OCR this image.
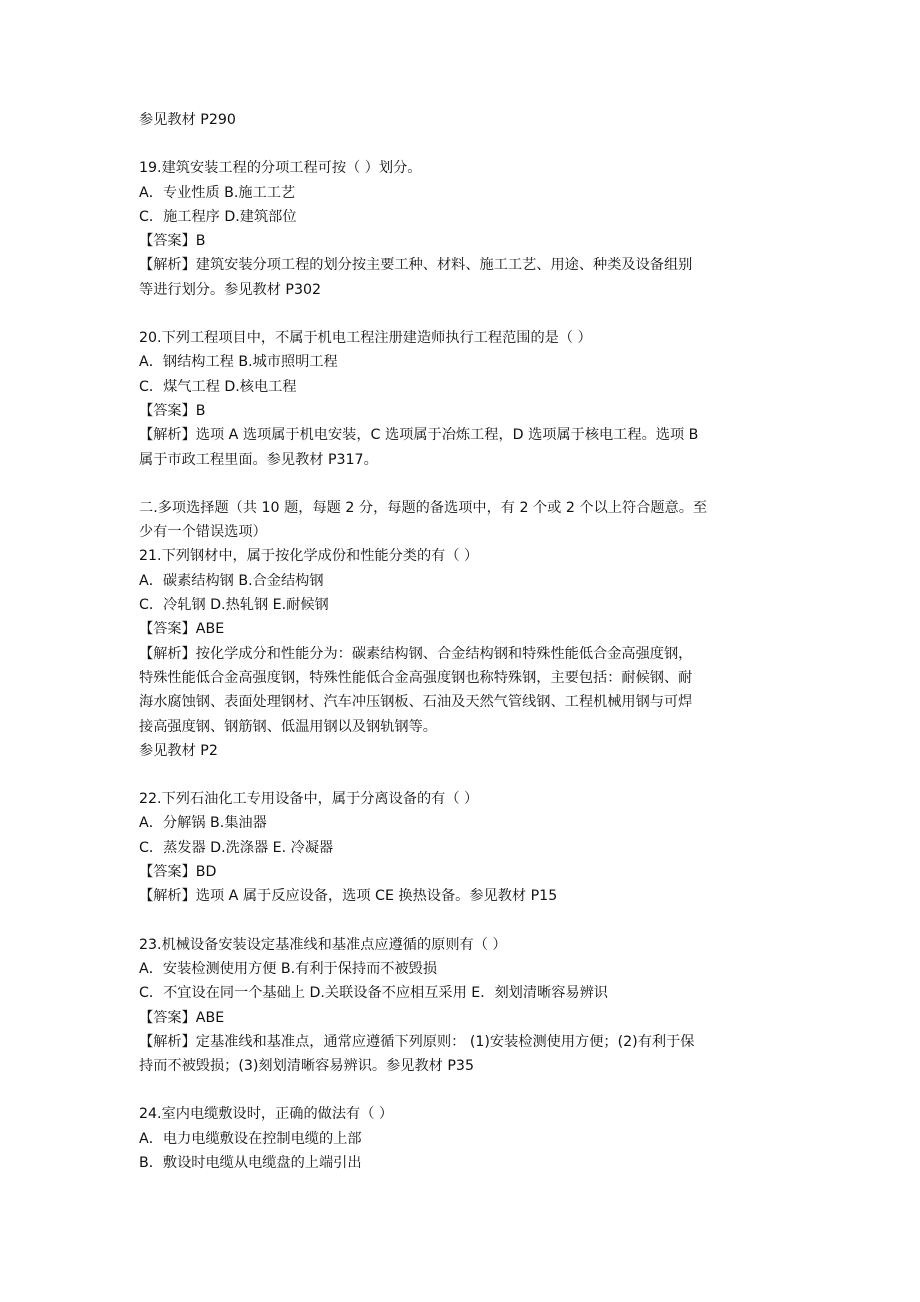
参见教材 P290
19.建筑安装工程的分项工程可按（ ）划分。
A．专业性质 B.施工工艺
C．施工程序 D.建筑部位
【答案】B
【解析】建筑安装分项工程的划分按主要工种、材料、施工工艺、用途、种类及设备组别
等进行划分。参见教材 P302
20.下列工程项目中，不属于机电工程注册建造师执行工程范围的是（ ）
A．钢结构工程 B.城市照明工程
C．煤气工程 D.核电工程
【答案】B
【解析】选项 A 选项属于机电安装，C 选项属于冶炼工程，D 选项属于核电工程。选项 B
属于市政工程里面。参见教材 P317。
二.多项选择题（共 10 题，每题 2 分，每题的备选项中，有 2 个或 2 个以上符合题意。至
少有一个错误选项）
21.下列钢材中，属于按化学成份和性能分类的有（ ）
A．碳素结构钢 B.合金结构钢
C．冷轧钢 D.热轧钢 E.耐候钢
【答案】ABE
【解析】按化学成分和性能分为：碳素结构钢、合金结构钢和特殊性能低合金高强度钢，
特殊性能低合金高强度钢，特殊性能低合金高强度钢也称特殊钢，主要包括：耐候钢、耐
海水腐蚀钢、表面处理钢材、汽车冲压钢板、石油及天然气管线钢、工程机械用钢与可焊
接高强度钢、钢筋钢、低温用钢以及钢轨钢等。
参见教材 P2
22.下列石油化工专用设备中，属于分离设备的有（ ）
A．分解锅 B.集油器
C．蒸发器 D.洗涤器 E. 冷凝器
【答案】BD
【解析】选项 A 属于反应设备，选项 CE 换热设备。参见教材 P15
23.机械设备安装设定基准线和基准点应遵循的原则有（ ）
A．安装检测使用方便 B.有利于保持而不被毁损
C．不宜设在同一个基础上 D.关联设备不应相互采用 E．刻划清晰容易辨识
【答案】ABE
【解析】定基准线和基准点，通常应遵循下列原则： (1)安装检测使用方便；(2)有利于保
持而不被毁损；(3)刻划清晰容易辨识。参见教材 P35
24.室内电缆敷设时，正确的做法有（ ）
A．电力电缆敷设在控制电缆的上部
B．敷设时电缆从电缆盘的上端引出
